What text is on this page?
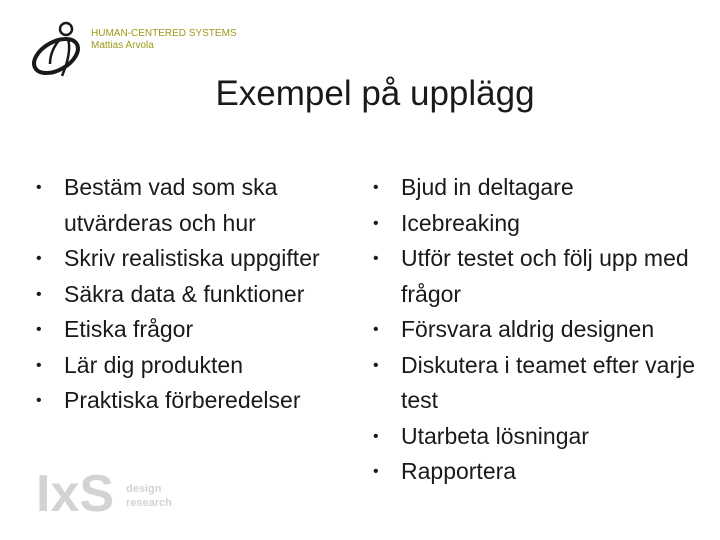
HUMAN-CENTERED SYSTEMS
Mattias Arvola
Exempel på upplägg
• Bestäm vad som ska utvärderas och hur
• Skriv realistiska uppgifter
• Säkra data & funktioner
• Etiska frågor
• Lär dig produkten
• Praktiska förberedelser
• Bjud in deltagare
• Icebreaking
• Utför testet och följ upp med frågor
• Försvara aldrig designen
• Diskutera i teamet efter varje test
• Utarbeta lösningar
• Rapportera
IxS design
research
